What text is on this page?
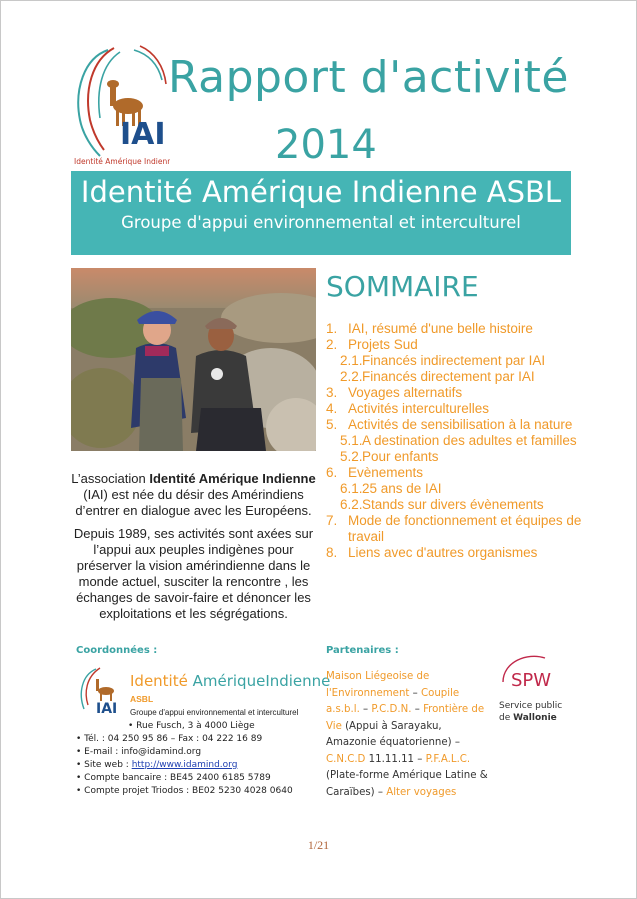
IAI
Identité Amérique Indienne
Rapport d'activité
2014
Identité Amérique Indienne ASBL
Groupe d'appui environnemental et interculturel
SOMMAIRE
1. IAI, résumé d'une belle histoire
2. Projets Sud
2.1. Financés indirectement par IAI
2.2. Financés directement par IAI
3. Voyages alternatifs
4. Activités interculturelles
5. Activités de sensibilisation à la nature
5.1. A destination des adultes et familles
5.2. Pour enfants
6. Evènements
6.1. 25 ans de IAI
6.2. Stands sur divers évènements
7. Mode de fonctionnement et équipes de travail
8. Liens avec d'autres organismes

L’association Identité Amérique Indienne (IAI) est née du désir des Amérindiens d’entrer en dialogue avec les Européens.

Depuis 1989, ses activités sont axées sur l’appui aux peuples indigènes pour préserver la vision amérindienne dans le monde actuel, susciter la rencontre , les échanges de savoir-faire et dénoncer les exploitations et les ségrégations.

Coordonnées :
IAI
Identité AmériqueIndienne
ASBL
Groupe d'appui environnemental et interculturel
• Rue Fusch, 3 à 4000 Liège
• Tél. : 04 250 95 86 – Fax : 04 222 16 89
• E-mail : info@idamind.org
• Site web : http://www.idamind.org
• Compte bancaire : BE45 2400 6185 5789
• Compte projet Triodos : BE02 5230 4028 0640
Partenaires :
Maison Liégeoise de l'Environnement – Coupile a.s.b.l. – P.C.D.N. – Frontière de Vie (Appui à Sarayaku, Amazonie équatorienne) – C.N.C.D 11.11.11 – P.F.A.L.C. (Plate-forme Amérique Latine & Caraïbes) – Alter voyages
SPW
Service public
de Wallonie
1/21
